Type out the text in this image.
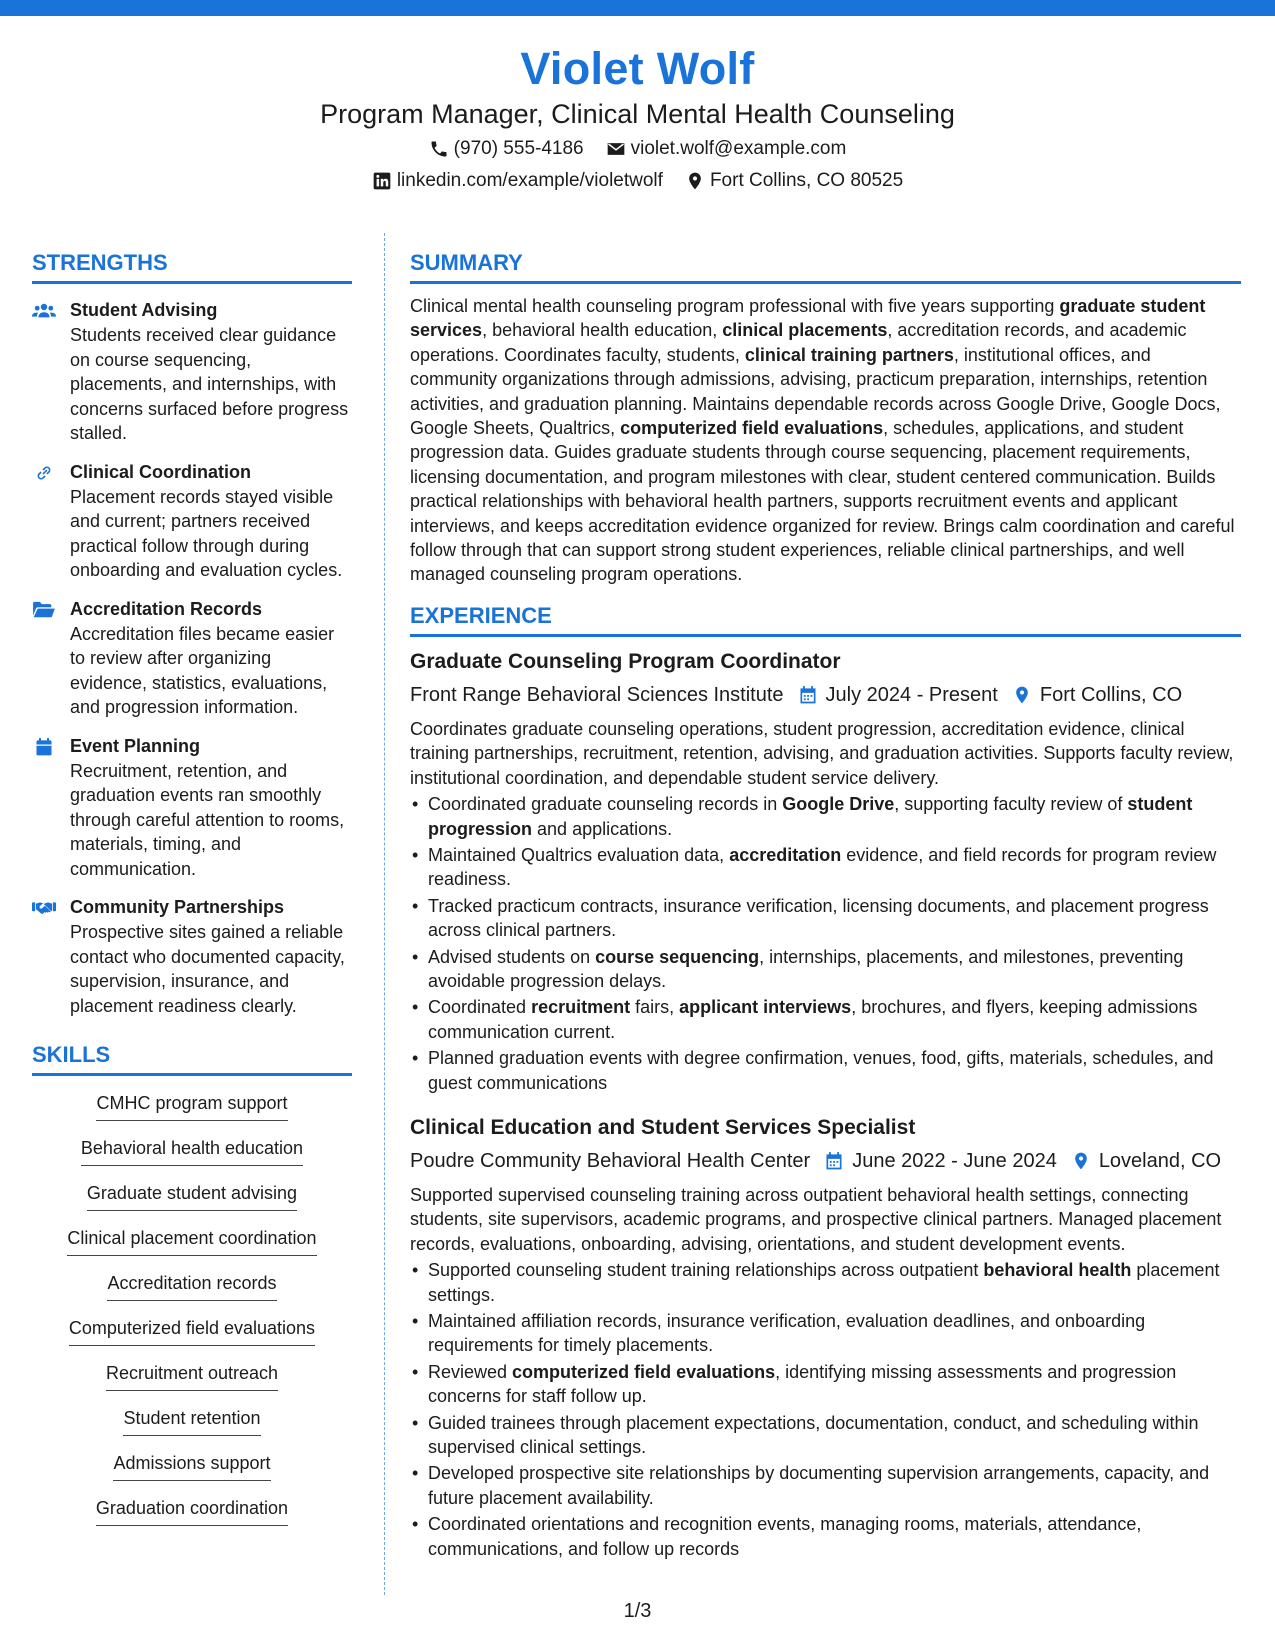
Violet Wolf
Program Manager, Clinical Mental Health Counseling
(970) 555-4186 violet.wolf@example.com
linkedin.com/example/violetwolf Fort Collins, CO 80525
STRENGTHS
Student Advising
Students received clear guidance on course sequencing, placements, and internships, with concerns surfaced before progress stalled.
Clinical Coordination
Placement records stayed visible and current; partners received practical follow through during onboarding and evaluation cycles.
Accreditation Records
Accreditation files became easier to review after organizing evidence, statistics, evaluations, and progression information.
Event Planning
Recruitment, retention, and graduation events ran smoothly through careful attention to rooms, materials, timing, and communication.
Community Partnerships
Prospective sites gained a reliable contact who documented capacity, supervision, insurance, and placement readiness clearly.
SKILLS
CMHC program support
Behavioral health education
Graduate student advising
Clinical placement coordination
Accreditation records
Computerized field evaluations
Recruitment outreach
Student retention
Admissions support
Graduation coordination
SUMMARY

Clinical mental health counseling program professional with five years supporting graduate student services, behavioral health education, clinical placements, accreditation records, and academic operations. Coordinates faculty, students, clinical training partners, institutional offices, and community organizations through admissions, advising, practicum preparation, internships, retention activities, and graduation planning. Maintains dependable records across Google Drive, Google Docs, Google Sheets, Qualtrics, computerized field evaluations, schedules, applications, and student progression data. Guides graduate students through course sequencing, placement requirements, licensing documentation, and program milestones with clear, student centered communication. Builds practical relationships with behavioral health partners, supports recruitment events and applicant interviews, and keeps accreditation evidence organized for review. Brings calm coordination and careful follow through that can support strong student experiences, reliable clinical partnerships, and well managed counseling program operations.

EXPERIENCE
Graduate Counseling Program Coordinator
Front Range Behavioral Sciences Institute July 2024 - Present Fort Collins, CO

Coordinates graduate counseling operations, student progression, accreditation evidence, clinical training partnerships, recruitment, retention, advising, and graduation activities. Supports faculty review, institutional coordination, and dependable student service delivery.

• Coordinated graduate counseling records in Google Drive, supporting faculty review of student progression and applications.
• Maintained Qualtrics evaluation data, accreditation evidence, and field records for program review readiness.
• Tracked practicum contracts, insurance verification, licensing documents, and placement progress across clinical partners.
• Advised students on course sequencing, internships, placements, and milestones, preventing avoidable progression delays.
• Coordinated recruitment fairs, applicant interviews, brochures, and flyers, keeping admissions communication current.
• Planned graduation events with degree confirmation, venues, food, gifts, materials, schedules, and guest communications
Clinical Education and Student Services Specialist
Poudre Community Behavioral Health Center June 2022 - June 2024 Loveland, CO

Supported supervised counseling training across outpatient behavioral health settings, connecting students, site supervisors, academic programs, and prospective clinical partners. Managed placement records, evaluations, onboarding, advising, orientations, and student development events.

• Supported counseling student training relationships across outpatient behavioral health placement settings.
• Maintained affiliation records, insurance verification, evaluation deadlines, and onboarding requirements for timely placements.
• Reviewed computerized field evaluations, identifying missing assessments and progression concerns for staff follow up.
• Guided trainees through placement expectations, documentation, conduct, and scheduling within supervised clinical settings.
• Developed prospective site relationships by documenting supervision arrangements, capacity, and future placement availability.
• Coordinated orientations and recognition events, managing rooms, materials, attendance, communications, and follow up records
1/3
